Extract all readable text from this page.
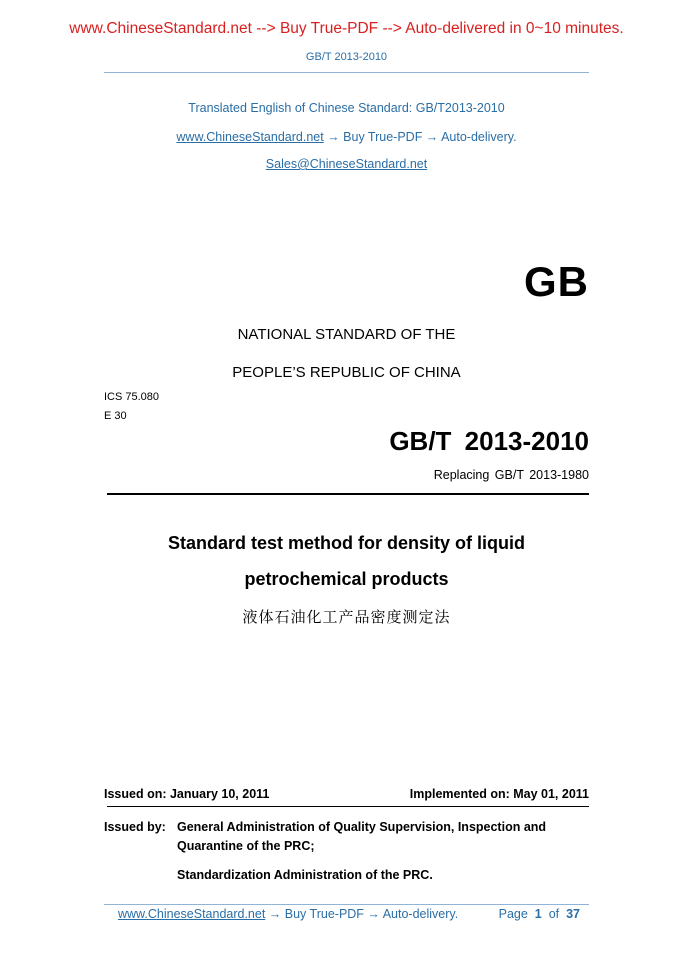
www.ChineseStandard.net --> Buy True-PDF --> Auto-delivered in 0~10 minutes.
GB/T 2013-2010
Translated English of Chinese Standard: GB/T2013-2010
www.ChineseStandard.net → Buy True-PDF → Auto-delivery.
Sales@ChineseStandard.net
GB
NATIONAL STANDARD OF THE
PEOPLE’S REPUBLIC OF CHINA
ICS 75.080
E 30
GB/T 2013-2010
Replacing GB/T 2013-1980
Standard test method for density of liquid
petrochemical products
液体石油化工产品密度测定法
Issued on: January 10, 2011	Implemented on: May 01, 2011
Issued by: General Administration of Quality Supervision, Inspection and
Quarantine of the PRC;
Standardization Administration of the PRC.
www.ChineseStandard.net → Buy True-PDF → Auto-delivery.	Page 1 of 37
